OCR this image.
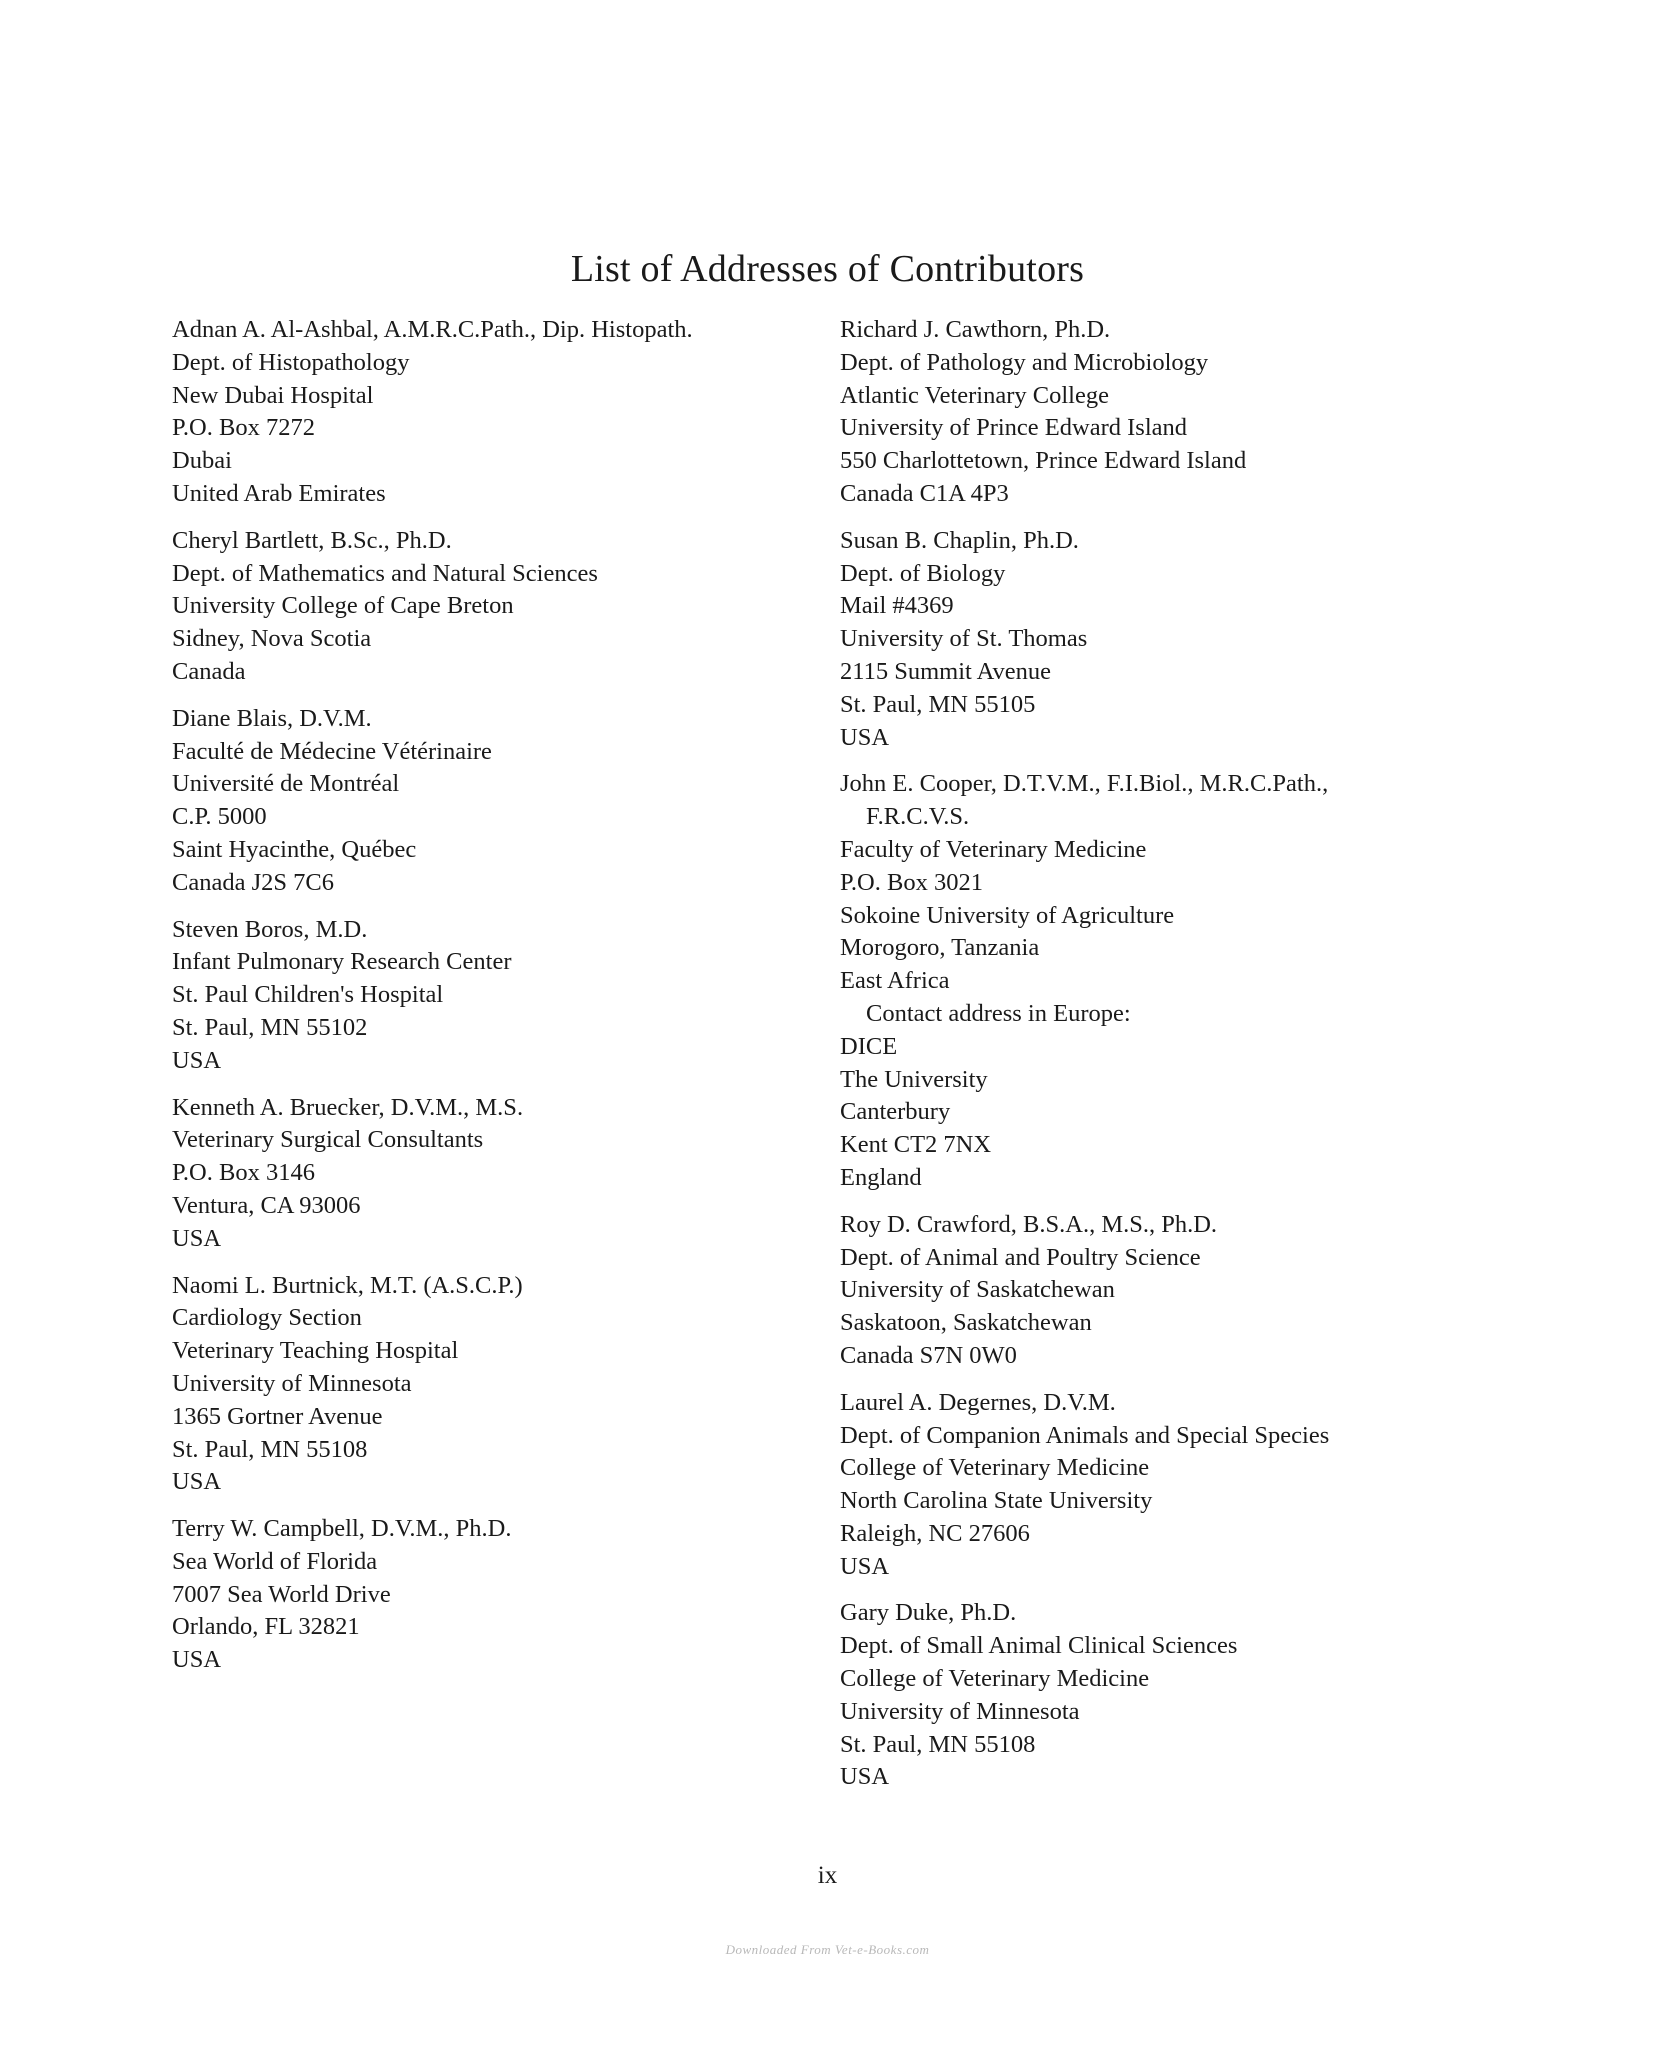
List of Addresses of Contributors
Adnan A. Al-Ashbal, A.M.R.C.Path., Dip. Histopath.
Dept. of Histopathology
New Dubai Hospital
P.O. Box 7272
Dubai
United Arab Emirates
Cheryl Bartlett, B.Sc., Ph.D.
Dept. of Mathematics and Natural Sciences
University College of Cape Breton
Sidney, Nova Scotia
Canada
Diane Blais, D.V.M.
Faculté de Médecine Vétérinaire
Université de Montréal
C.P. 5000
Saint Hyacinthe, Québec
Canada J2S 7C6
Steven Boros, M.D.
Infant Pulmonary Research Center
St. Paul Children's Hospital
St. Paul, MN 55102
USA
Kenneth A. Bruecker, D.V.M., M.S.
Veterinary Surgical Consultants
P.O. Box 3146
Ventura, CA 93006
USA
Naomi L. Burtnick, M.T. (A.S.C.P.)
Cardiology Section
Veterinary Teaching Hospital
University of Minnesota
1365 Gortner Avenue
St. Paul, MN 55108
USA
Terry W. Campbell, D.V.M., Ph.D.
Sea World of Florida
7007 Sea World Drive
Orlando, FL 32821
USA
Richard J. Cawthorn, Ph.D.
Dept. of Pathology and Microbiology
Atlantic Veterinary College
University of Prince Edward Island
550 Charlottetown, Prince Edward Island
Canada C1A 4P3
Susan B. Chaplin, Ph.D.
Dept. of Biology
Mail #4369
University of St. Thomas
2115 Summit Avenue
St. Paul, MN 55105
USA
John E. Cooper, D.T.V.M., F.I.Biol., M.R.C.Path.,
F.R.C.V.S.
Faculty of Veterinary Medicine
P.O. Box 3021
Sokoine University of Agriculture
Morogoro, Tanzania
East Africa
Contact address in Europe:
DICE
The University
Canterbury
Kent CT2 7NX
England
Roy D. Crawford, B.S.A., M.S., Ph.D.
Dept. of Animal and Poultry Science
University of Saskatchewan
Saskatoon, Saskatchewan
Canada S7N 0W0
Laurel A. Degernes, D.V.M.
Dept. of Companion Animals and Special Species
College of Veterinary Medicine
North Carolina State University
Raleigh, NC 27606
USA
Gary Duke, Ph.D.
Dept. of Small Animal Clinical Sciences
College of Veterinary Medicine
University of Minnesota
St. Paul, MN 55108
USA
ix
Downloaded From Vet-e-Books.com
